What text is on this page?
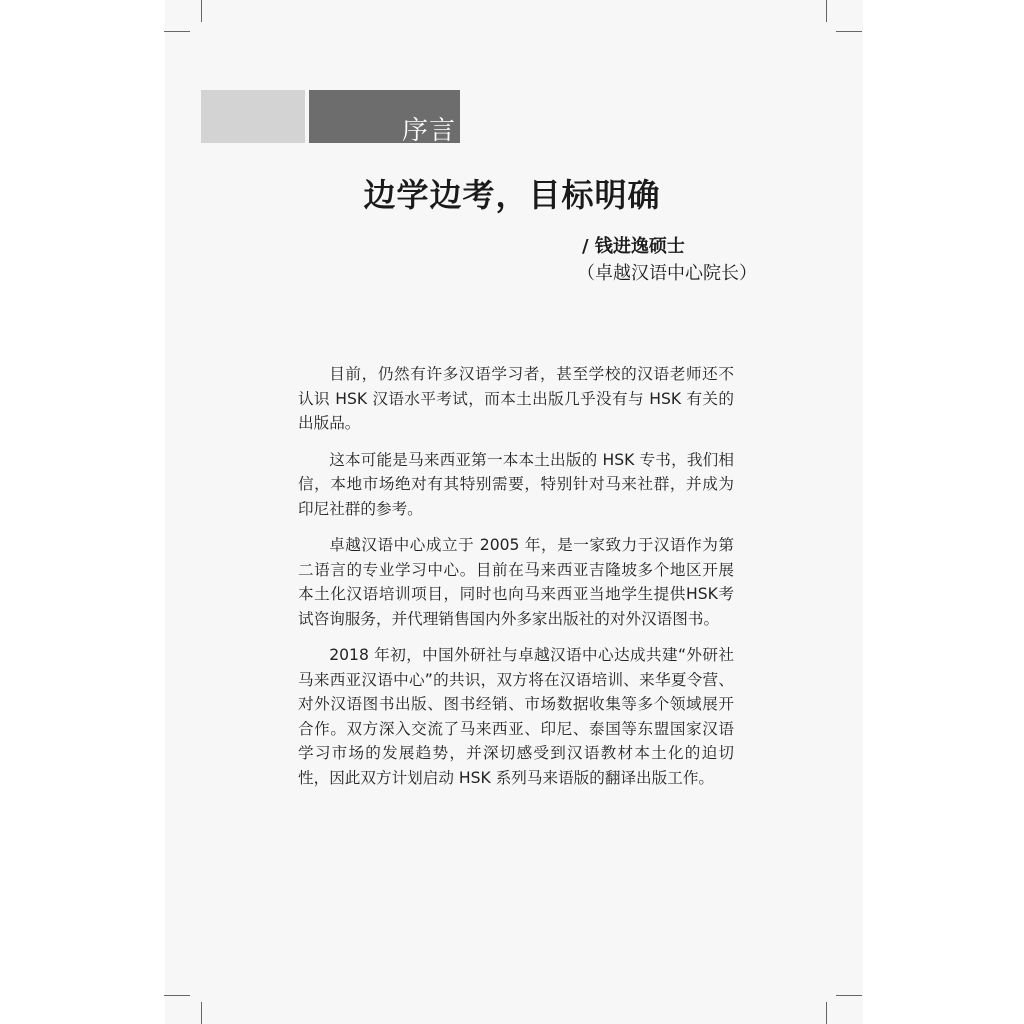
序言
边学边考，目标明确
/ 钱进逸硕士
（卓越汉语中心院长）

目前，仍然有许多汉语学习者，甚至学校的汉语老师还不认识 HSK 汉语水平考试，而本土出版几乎没有与 HSK 有关的出版品。

这本可能是马来西亚第一本本土出版的 HSK 专书，我们相信，本地市场绝对有其特别需要，特别针对马来社群，并成为印尼社群的参考。

卓越汉语中心成立于 2005 年，是一家致力于汉语作为第二语言的专业学习中心。目前在马来西亚吉隆坡多个地区开展本土化汉语培训项目，同时也向马来西亚当地学生提供HSK考试咨询服务，并代理销售国内外多家出版社的对外汉语图书。

2018 年初，中国外研社与卓越汉语中心达成共建“外研社马来西亚汉语中心”的共识，双方将在汉语培训、来华夏令营、对外汉语图书出版、图书经销、市场数据收集等多个领域展开合作。双方深入交流了马来西亚、印尼、泰国等东盟国家汉语学习市场的发展趋势，并深切感受到汉语教材本土化的迫切性，因此双方计划启动 HSK 系列马来语版的翻译出版工作。
